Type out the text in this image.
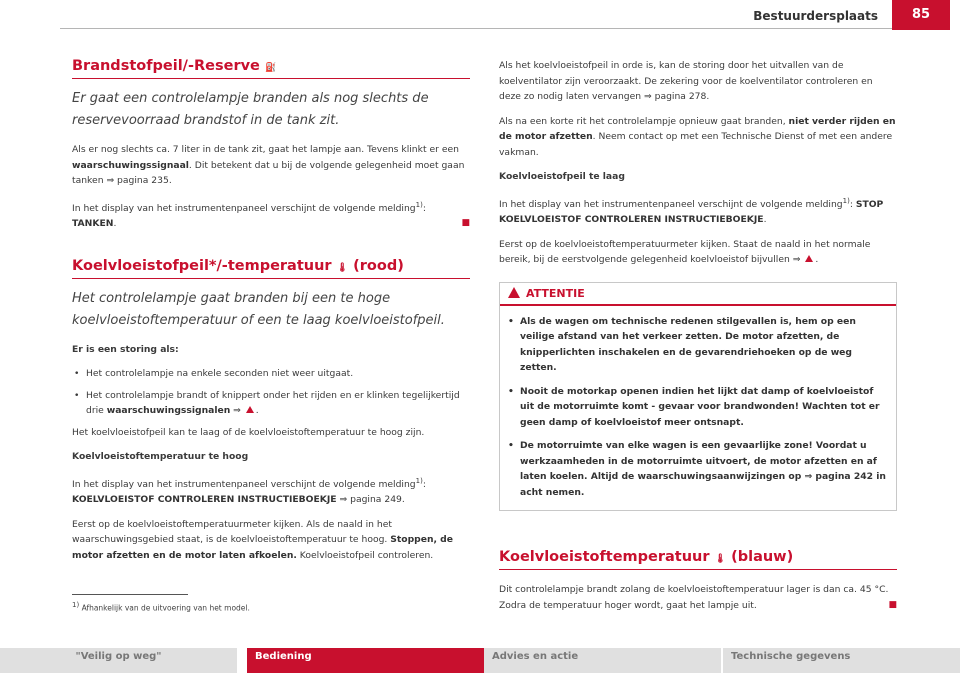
Bestuurdersplaats	85
Brandstofpeil/-Reserve ⛽
Er gaat een controlelampje branden als nog slechts de reservevoorraad brandstof in de tank zit.

Als er nog slechts ca. 7 liter in de tank zit, gaat het lampje aan. Tevens klinkt er een waarschuwingssignaal. Dit betekent dat u bij de volgende gelegenheid moet gaan tanken ⇒ pagina 235.

In het display van het instrumentenpaneel verschijnt de volgende melding$^{1)}$: TANKEN.	■

Koelvloeistofpeil*/-temperatuur 🌡 (rood)
Het controlelampje gaat branden bij een te hoge koelvloeistoftemperatuur of een te laag koelvloeistofpeil.

Er is een storing als:

• Het controlelampje na enkele seconden niet weer uitgaat.
• Het controlelampje brandt of knippert onder het rijden en er klinken tegelijkertijd drie waarschuwingssignalen ⇒ .

Het koelvloeistofpeil kan te laag of de koelvloeistoftemperatuur te hoog zijn.

Koelvloeistoftemperatuur te hoog

In het display van het instrumentenpaneel verschijnt de volgende melding$^{1)}$: KOELVLOEISTOF CONTROLEREN INSTRUCTIEBOEKJE ⇒ pagina 249.

Eerst op de koelvloeistoftemperatuurmeter kijken. Als de naald in het waarschuwingsgebied staat, is de koelvloeistoftemperatuur te hoog. Stoppen, de motor afzetten en de motor laten afkoelen. Koelvloeistofpeil controleren.

$^{1)}$ Afhankelijk van de uitvoering van het model.

Als het koelvloeistofpeil in orde is, kan de storing door het uitvallen van de koelventilator zijn veroorzaakt. De zekering voor de koelventilator controleren en deze zo nodig laten vervangen ⇒ pagina 278.

Als na een korte rit het controlelampje opnieuw gaat branden, niet verder rijden en de motor afzetten. Neem contact op met een Technische Dienst of met een andere vakman.

Koelvloeistofpeil te laag

In het display van het instrumentenpaneel verschijnt de volgende melding$^{1)}$: STOP KOELVLOEISTOF CONTROLEREN INSTRUCTIEBOEKJE.

Eerst op de koelvloeistoftemperatuurmeter kijken. Staat de naald in het normale bereik, bij de eerstvolgende gelegenheid koelvloeistof bijvullen ⇒ .

ATTENTIE
• Als de wagen om technische redenen stilgevallen is, hem op een veilige afstand van het verkeer zetten. De motor afzetten, de knipperlichten inschakelen en de gevarendriehoeken op de weg zetten.
• Nooit de motorkap openen indien het lijkt dat damp of koelvloeistof uit de motorruimte komt - gevaar voor brandwonden! Wachten tot er geen damp of koelvloeistof meer ontsnapt.
• De motorruimte van elke wagen is een gevaarlijke zone! Voordat u werkzaamheden in de motorruimte uitvoert, de motor afzetten en af laten koelen. Altijd de waarschuwingsaanwijzingen op ⇒ pagina 242 in acht nemen.
Koelvloeistoftemperatuur 🌡 (blauw)

Dit controlelampje brandt zolang de koelvloeistoftemperatuur lager is dan ca. 45 °C. Zodra de temperatuur hoger wordt, gaat het lampje uit.	■

"Veilig op weg"	Bediening	Advies en actie	Technische gegevens
